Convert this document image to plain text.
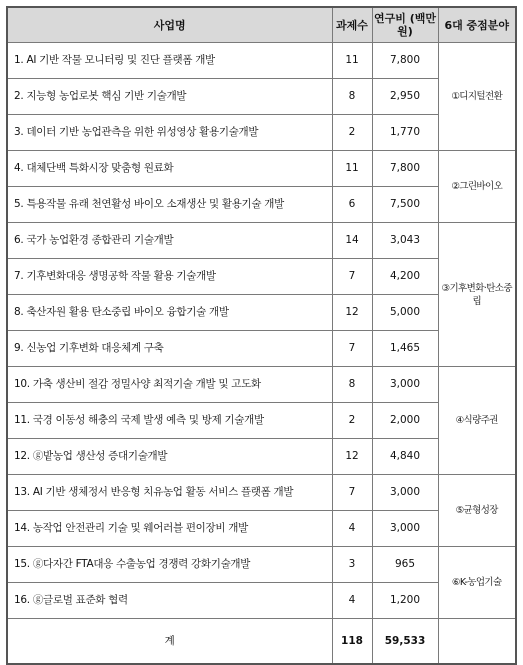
사업명	과제수	연구비 (백만원)	6대 중점분야
1. AI 기반 작물 모니터링 및 진단 플랫폼 개발	11	7,800	①디지털전환
2. 지능형 농업로봇 핵심 기반 기술개발	8	2,950	
3. 데이터 기반 농업관측을 위한 위성영상 활용기술개발	2	1,770	
4. 대체단백 특화시장 맞춤형 원료화	11	7,800	②그린바이오
5. 특용작물 유래 천연활성 바이오 소재생산 및 활용기술 개발	6	7,500	
6. 국가 농업환경 종합관리 기술개발	14	3,043	③기후변화·탄소중립
7. 기후변화대응 생명공학 작물 활용 기술개발	7	4,200	
8. 축산자원 활용 탄소중립 바이오 융합기술 개발	12	5,000	
9. 신농업 기후변화 대응체계 구축	7	1,465	
10. 가축 생산비 절감 정밀사양 최적기술 개발 및 고도화	8	3,000	④식량주권
11. 국경 이동성 해충의 국제 발생 예측 및 방제 기술개발	2	2,000	
12. ⓖ밭농업 생산성 증대기술개발	12	4,840	
13. AI 기반 생체정서 반응형 치유농업 활동 서비스 플랫폼 개발	7	3,000	⑤균형성장
14. 농작업 안전관리 기술 및 웨어러블 편이장비 개발	4	3,000	
15. ⓖ다자간 FTA대응 수출농업 경쟁력 강화기술개발	3	965	⑥K-농업기술
16. ⓖ글로벌 표준화 협력	4	1,200	
계	118	59,533	
